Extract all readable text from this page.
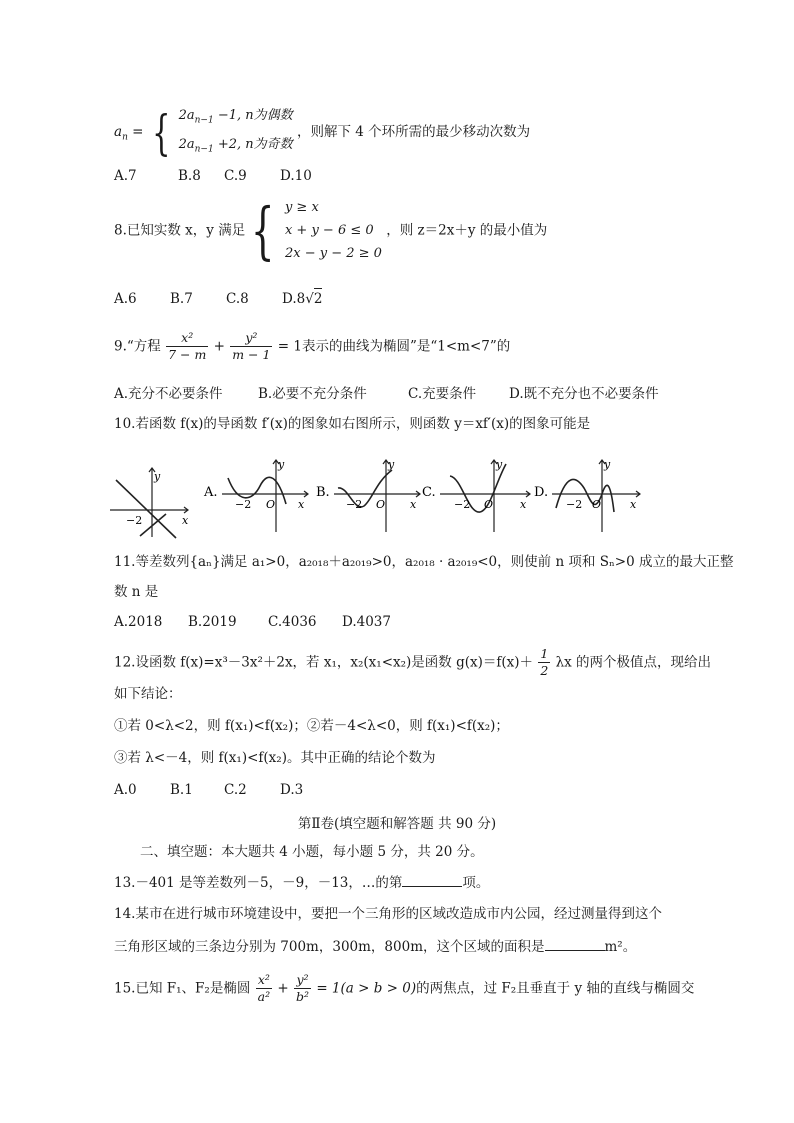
$a_n$ = { $2a_{n-1} -1$, n为偶数
$2a_{n-1} +2$, n为奇数
，则解下 4 个环所需的最少移动次数为
A.7	B.8 C.9 D.10
8.已知实数 x，y 满足{ y ≥ x
x + y − 6 ≤ 0
2x − y − 2 ≥ 0
，则 z＝2x＋y 的最小值为
A.6 B.7 C.8 D.8√2
9.“方程 $\frac{\text{x²}}{7 - m} + \frac{\text{y²}}{m - 1} = 1$表示的曲线为椭圆”是“1<m<7”的
A.充分不必要条件	B.必要不充分条件	C.充要条件 D.既不充分也不必要条件
10.若函数 f(x)的导函数 f′(x)的图象如右图所示，则函数 y＝xf′(x)的图象可能是
y
x
−2
A.
y
x
−2 O
B.
y
x
−2 O
C.
y
x
−2 O
D.
y
x
−2 O
11.等差数列{aₙ}满足 a₁>0，a₂₀₁₈＋a₂₀₁₉>0，a₂₀₁₈ · a₂₀₁₉<0，则使前 n 项和 Sₙ>0 成立的最大正整
数 n 是
A.2018 B.2019 C.4036 D.4037
12.设函数 f(x)=x³－3x²＋2x，若 x₁，x₂(x₁<x₂)是函数 $g(x)=f(x)+ \frac{1}{2}$ λx 的两个极值点，现给出
如下结论：
①若 0<λ<2，则 f(x₁)<f(x₂)；②若－4<λ<0，则 f(x₁)<f(x₂)；
③若 λ<－4，则 f(x₁)<f(x₂)。其中正确的结论个数为
A.0 B.1 C.2 D.3
第Ⅱ卷(填空题和解答题 共 90 分)
二、填空题：本大题共 4 小题，每小题 5 分，共 20 分。
13.－401 是等差数列－5，－9，－13，…的第	项。
14.某市在进行城市环境建设中，要把一个三角形的区域改造成市内公园，经过测量得到这个
三角形区域的三条边分别为 700m，300m，800m，这个区域的面积是	m²。
15.已知 F₁、F₂是椭圆 $\frac{\text{x²}}{\text{a²}} + \frac{\text{y²}}{\text{b²}} = 1(a > b > 0)$的两焦点，过 F₂且垂直于 y 轴的直线与椭圆交
